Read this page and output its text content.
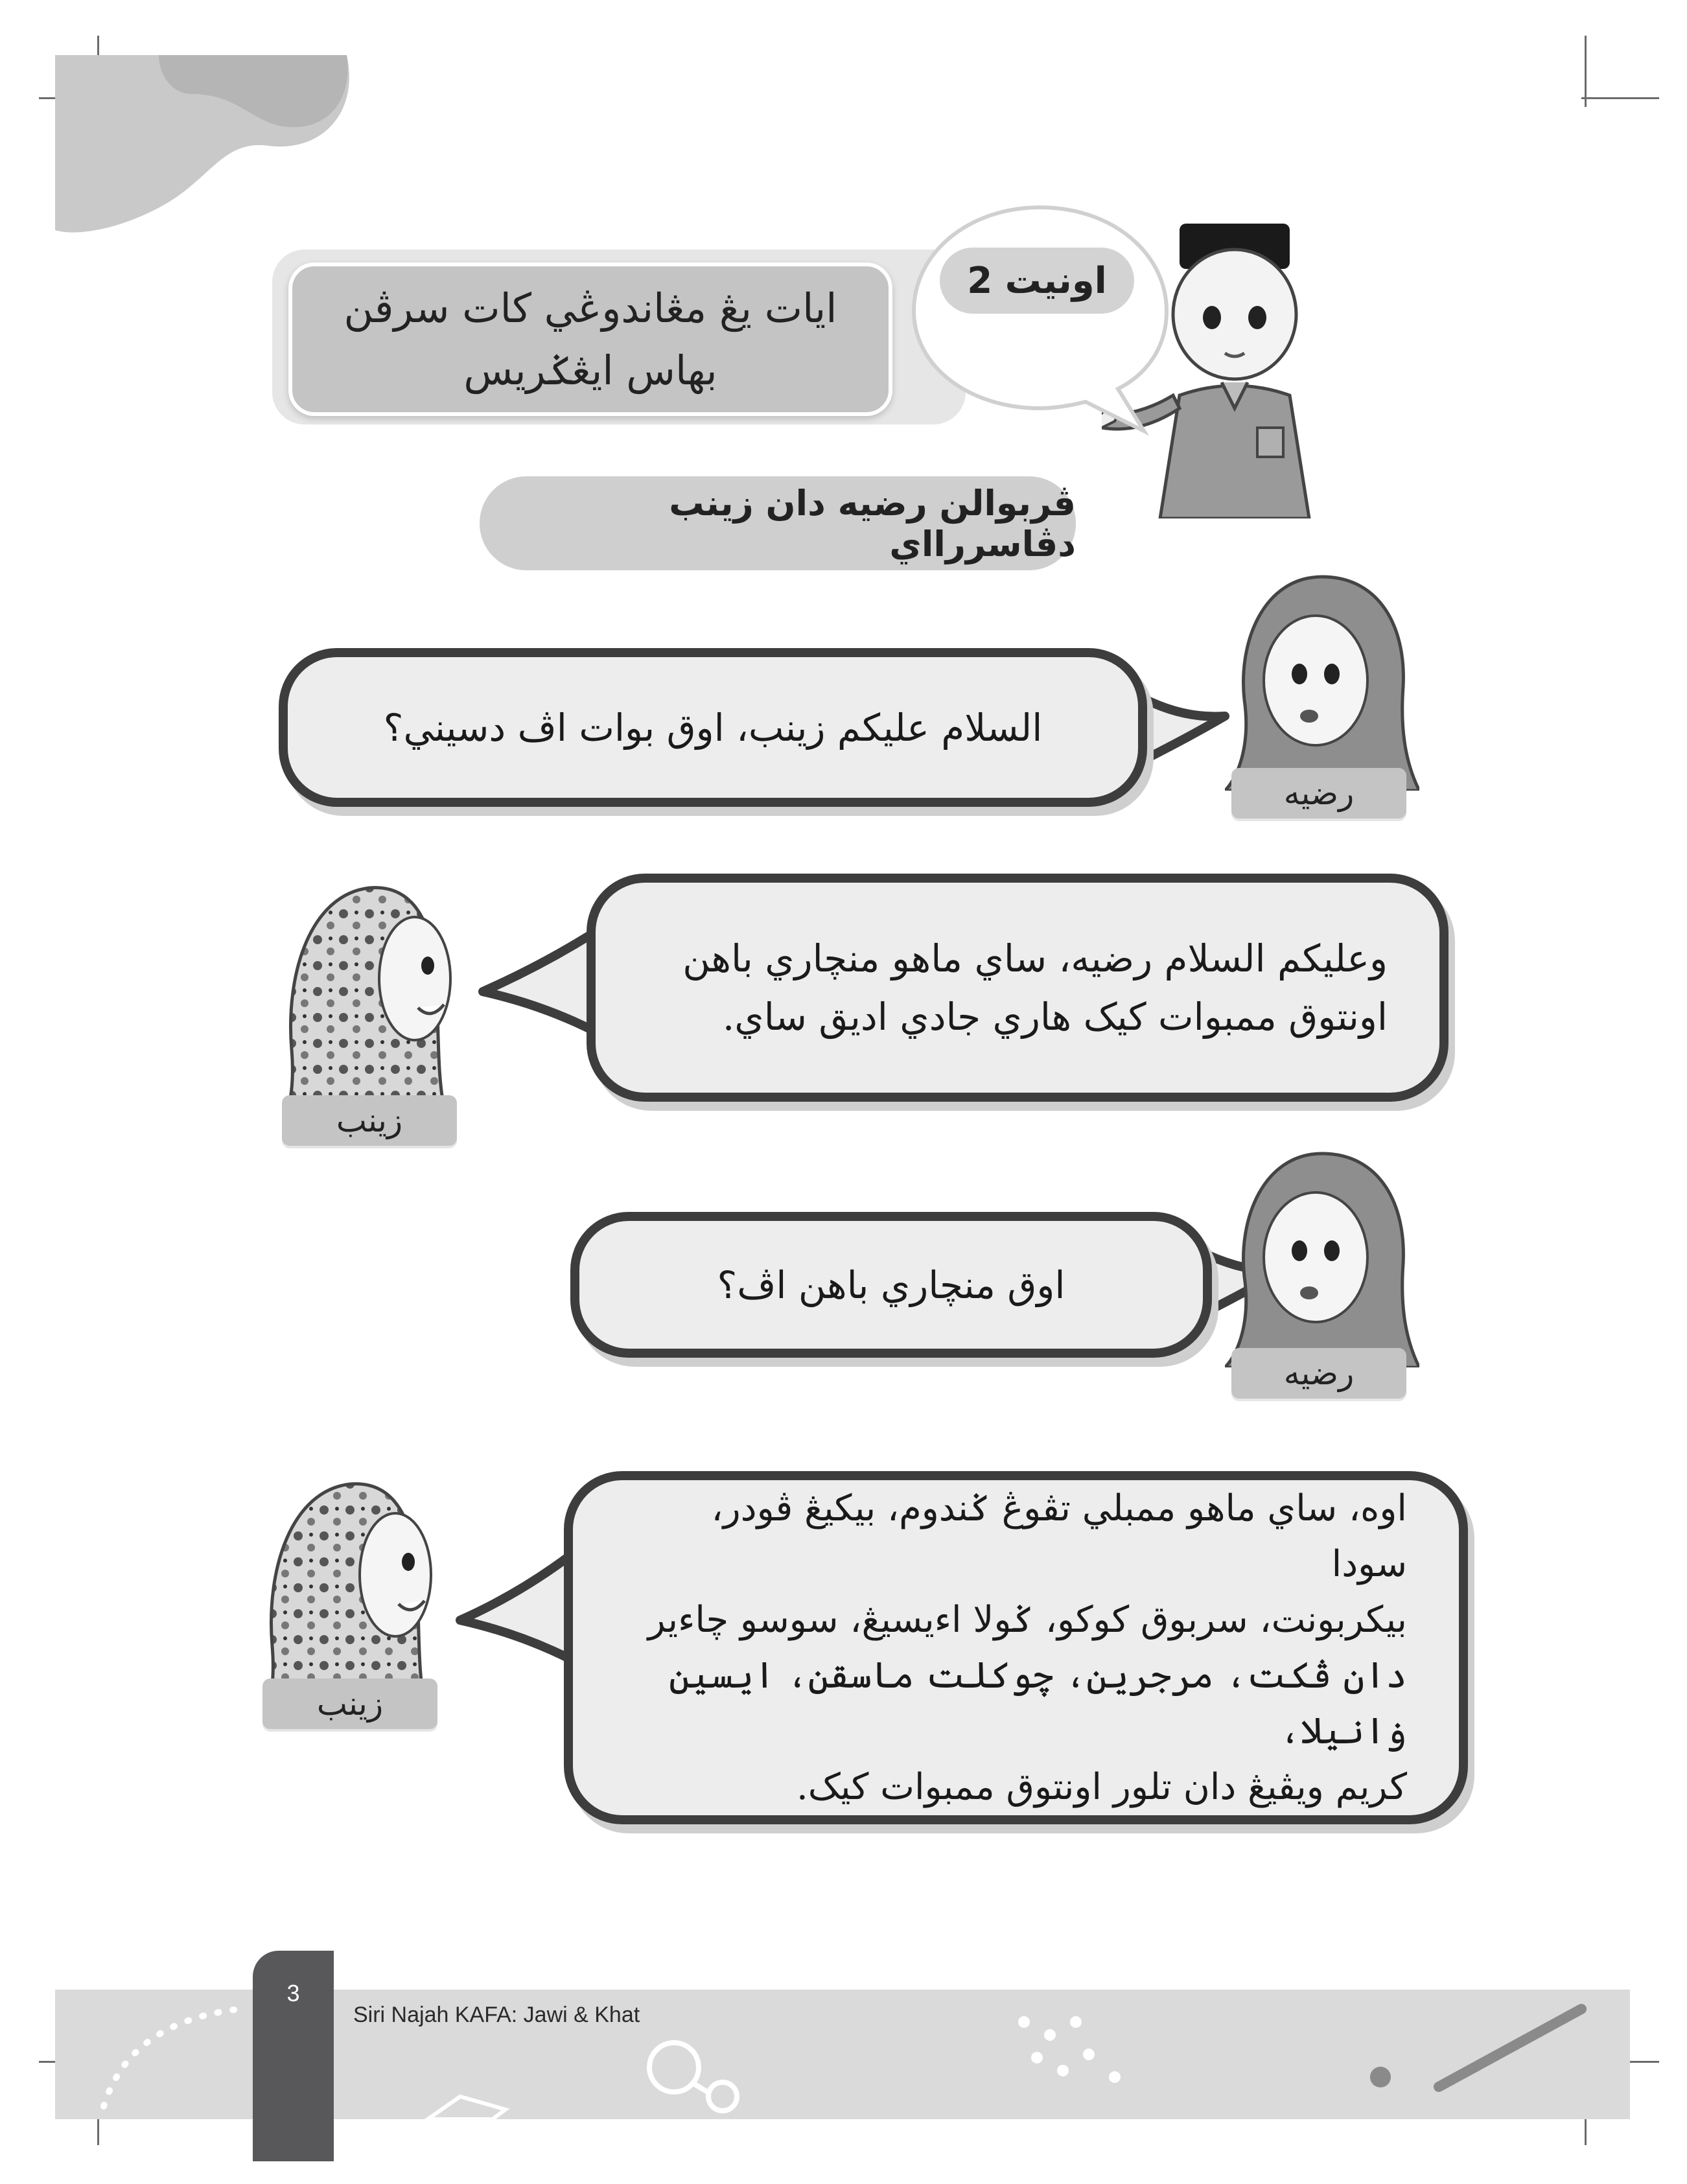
ايات يڠ مڠاندوڠي كات سرڤن
بهاس ايڠݢريس
اونيت 2
ڤربوالن رضيه دان زينب دڤاسررااي

السلام عليكم زينب، اوق بوات اڤ دسيني؟

رضيه

وعليكم السلام رضيه، ساي ماهو منچاري باهن

اونتوق ممبوات كيک هاري جادي اديق ساي.

زينب

اوق منچاري باهن اڤ؟

رضيه

اوه، ساي ماهو ممبلي تڤوڠ ݢندوم، بيکيڠ ڤودر، سودا

بيكربونت، سربوق كوكو، ݢولا اءيسيڠ، سوسو چاءير

دان ڤكت، مرجرين، چوكلت ماسقن، ايسين ۏانيلا،

كريم ويڤيڠ دان تلور اونتوق ممبوات كيک.

زينب
3
Siri Najah KAFA: Jawi & Khat
